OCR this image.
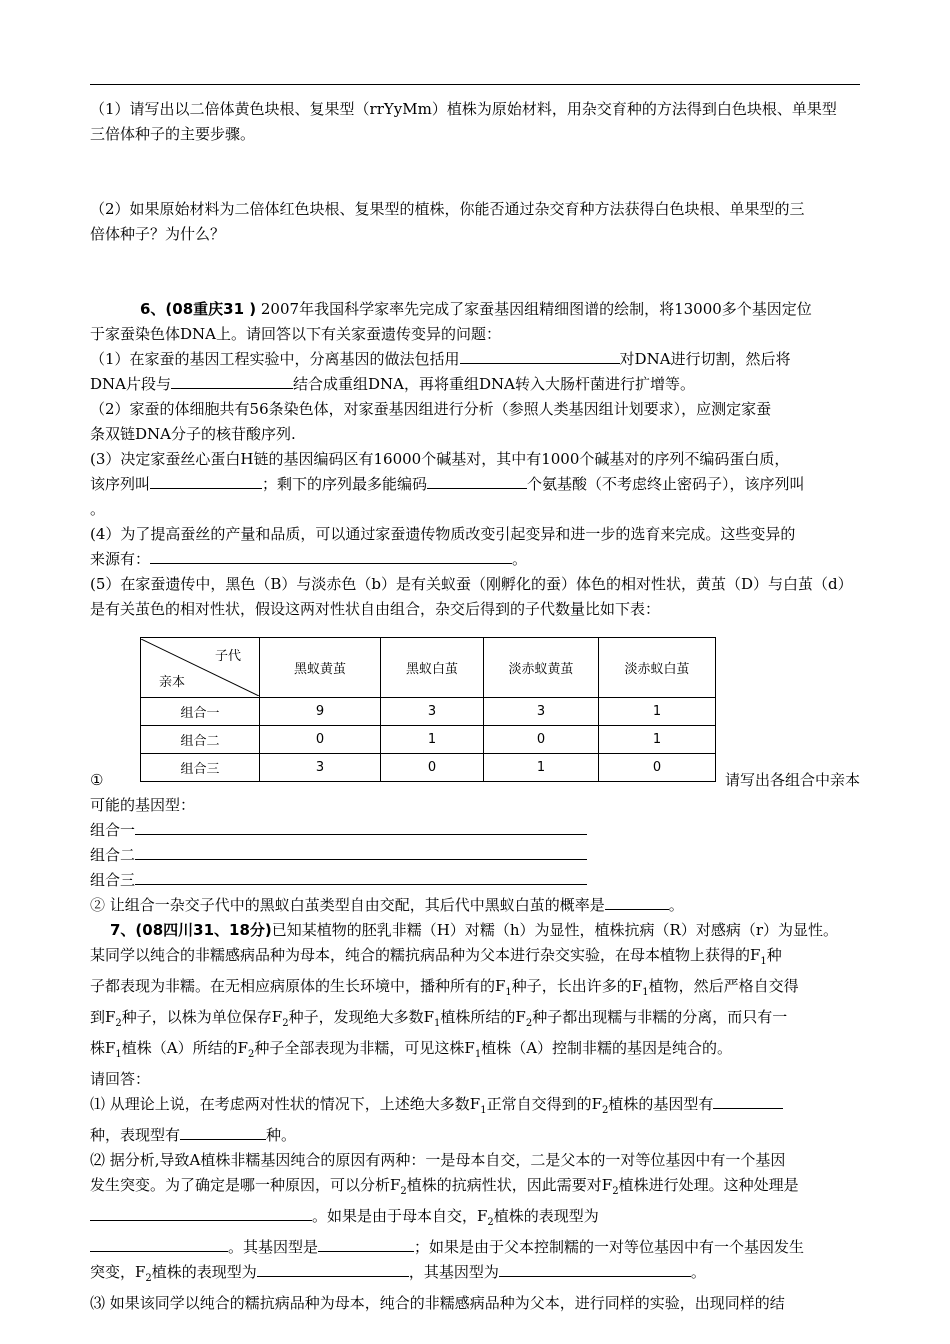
（1）请写出以二倍体黄色块根、复果型（rrYyMm）植株为原始材料，用杂交育种的方法得到白色块根、单果型
三倍体种子的主要步骤。
（2）如果原始材料为二倍体红色块根、复果型的植株，你能否通过杂交育种方法获得白色块根、单果型的三
倍体种子？为什么？
6、(08重庆31 ) 2007年我国科学家率先完成了家蚕基因组精细图谱的绘制，将13000多个基因定位
于家蚕染色体DNA上。请回答以下有关家蚕遗传变异的问题：
（1）在家蚕的基因工程实验中，分离基因的做法包括用	对DNA进行切割，然后将
DNA片段与	结合成重组DNA，再将重组DNA转入大肠杆菌进行扩增等。
（2）家蚕的体细胞共有56条染色体，对家蚕基因组进行分析（参照人类基因组计划要求），应测定家蚕
条双链DNA分子的核苷酸序列.
(3）决定家蚕丝心蛋白H链的基因编码区有16000个碱基对，其中有1000个碱基对的序列不编码蛋白质，
该序列叫	；剩下的序列最多能编码	个氨基酸（不考虑终止密码子），该序列叫
。
(4）为了提高蚕丝的产量和品质，可以通过家蚕遗传物质改变引起变异和进一步的选育来完成。这些变异的
来源有：	。
(5）在家蚕遗传中，黑色（B）与淡赤色（b）是有关蚁蚕（刚孵化的蚕）体色的相对性状，黄茧（D）与白茧（d）
是有关茧色的相对性状，假设这两对性状自由组合，杂交后得到的子代数量比如下表：
子代
亲本	黑蚁黄茧	黑蚁白茧	淡赤蚁黄茧	淡赤蚁白茧
组合一	9	3	3	1
组合二	0	1	0	1
组合三	3	0	1	0
①	请写出各组合中亲本
可能的基因型：
组合一
组合二
组合三
② 让组合一杂交子代中的黑蚁白茧类型自由交配，其后代中黑蚁白茧的概率是	。
7、(08四川31、18分)已知某植物的胚乳非糯（H）对糯（h）为显性，植株抗病（R）对感病（r）为显性。
某同学以纯合的非糯感病品种为母本，纯合的糯抗病品种为父本进行杂交实验，在母本植物上获得的$F_1$种
子都表现为非糯。在无相应病原体的生长环境中，播种所有的$F_1$种子，长出许多的$F_1$植物，然后严格自交得
到$F_2$种子，以株为单位保存$F_2$种子，发现绝大多数$F_1$植株所结的$F_2$种子都出现糯与非糯的分离，而只有一
株$F_1$植株（A）所结的$F_2$种子全部表现为非糯，可见这株$F_1$植株（A）控制非糯的基因是纯合的。
请回答：
⑴ 从理论上说，在考虑两对性状的情况下，上述绝大多数$F_1$正常自交得到的$F_2$植株的基因型有
种，表现型有	种。
⑵ 据分析,导致A植株非糯基因纯合的原因有两种：一是母本自交，二是父本的一对等位基因中有一个基因
发生突变。为了确定是哪一种原因，可以分析$F_2$植株的抗病性状，因此需要对$F_2$植株进行处理。这种处理是
。如果是由于母本自交，$F_2$植株的表现型为
。其基因型是	；如果是由于父本控制糯的一对等位基因中有一个基因发生
突变，$F_2$植株的表现型为	，其基因型为	。
⑶ 如果该同学以纯合的糯抗病品种为母本，纯合的非糯感病品种为父本，进行同样的实验，出现同样的结
